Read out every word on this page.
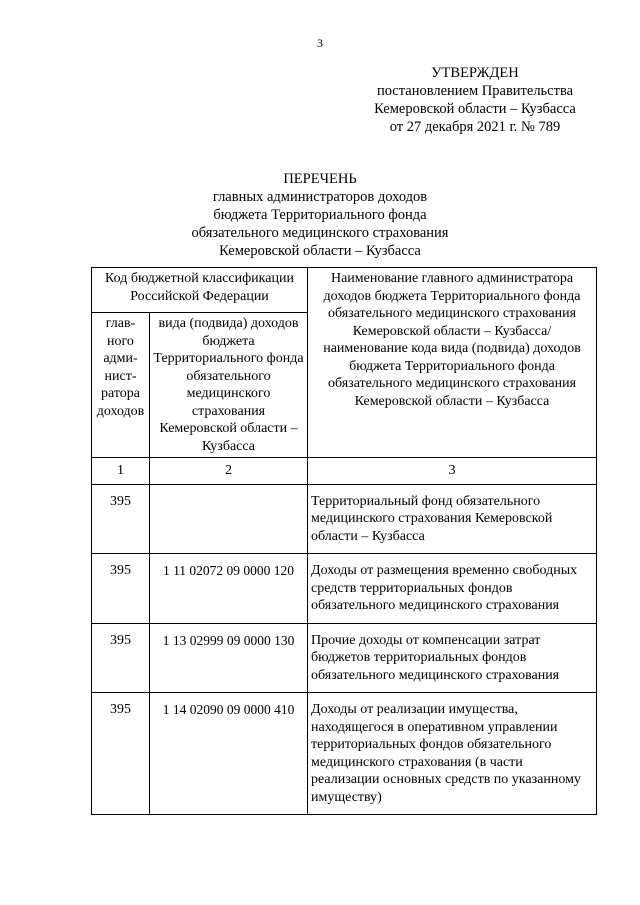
3
УТВЕРЖДЕН
постановлением Правительства
Кемеровской области – Кузбасса
от 27 декабря 2021 г. № 789
ПЕРЕЧЕНЬ
главных администраторов доходов
бюджета Территориального фонда
обязательного медицинского страхования
Кемеровской области – Кузбасса
Код бюджетной классификации Российской Федерации		Наименование главного администратора доходов бюджета Территориального фонда обязательного медицинского страхования Кемеровской области – Кузбасса/наименование кода вида (подвида) доходов бюджета Территориального фонда обязательного медицинского страхования Кемеровской области – Кузбасса
глав-ного адми-нист-ратора доходов	вида (подвида) доходов бюджета Территориального фонда обязательного медицинского страхования Кемеровской области – Кузбасса	
1	2	3
395		Территориальный фонд обязательного медицинского страхования Кемеровской области – Кузбасса
395	1 11 02072 09 0000 120	Доходы от размещения временно свободных средств территориальных фондов обязательного медицинского страхования
395	1 13 02999 09 0000 130	Прочие доходы от компенсации затрат бюджетов территориальных фондов обязательного медицинского страхования
395	1 14 02090 09 0000 410	Доходы от реализации имущества, находящегося в оперативном управлении территориальных фондов обязательного медицинского страхования (в части реализации основных средств по указанному имуществу)
